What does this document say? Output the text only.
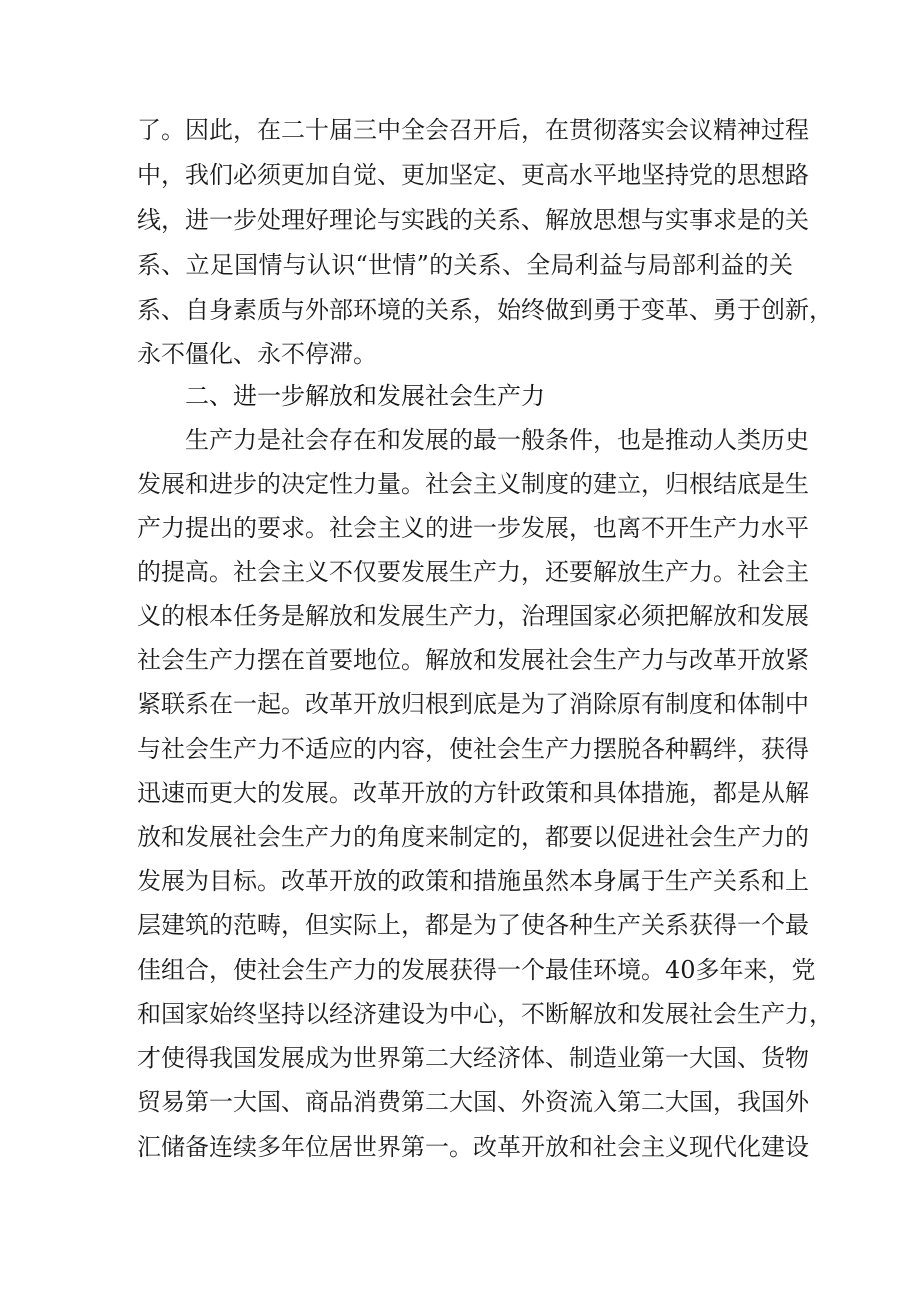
了。因此，在二十届三中全会召开后，在贯彻落实会议精神过程
中，我们必须更加自觉、更加坚定、更高水平地坚持党的思想路
线，进一步处理好理论与实践的关系、解放思想与实事求是的关
系、立足国情与认识“世情”的关系、全局利益与局部利益的关
系、自身素质与外部环境的关系，始终做到勇于变革、勇于创新，
永不僵化、永不停滞。
二、进一步解放和发展社会生产力
生产力是社会存在和发展的最一般条件，也是推动人类历史
发展和进步的决定性力量。社会主义制度的建立，归根结底是生
产力提出的要求。社会主义的进一步发展，也离不开生产力水平
的提高。社会主义不仅要发展生产力，还要解放生产力。社会主
义的根本任务是解放和发展生产力，治理国家必须把解放和发展
社会生产力摆在首要地位。解放和发展社会生产力与改革开放紧
紧联系在一起。改革开放归根到底是为了消除原有制度和体制中
与社会生产力不适应的内容，使社会生产力摆脱各种羁绊，获得
迅速而更大的发展。改革开放的方针政策和具体措施，都是从解
放和发展社会生产力的角度来制定的，都要以促进社会生产力的
发展为目标。改革开放的政策和措施虽然本身属于生产关系和上
层建筑的范畴，但实际上，都是为了使各种生产关系获得一个最
佳组合，使社会生产力的发展获得一个最佳环境。40多年来，党
和国家始终坚持以经济建设为中心，不断解放和发展社会生产力，
才使得我国发展成为世界第二大经济体、制造业第一大国、货物
贸易第一大国、商品消费第二大国、外资流入第二大国，我国外
汇储备连续多年位居世界第一。改革开放和社会主义现代化建设
